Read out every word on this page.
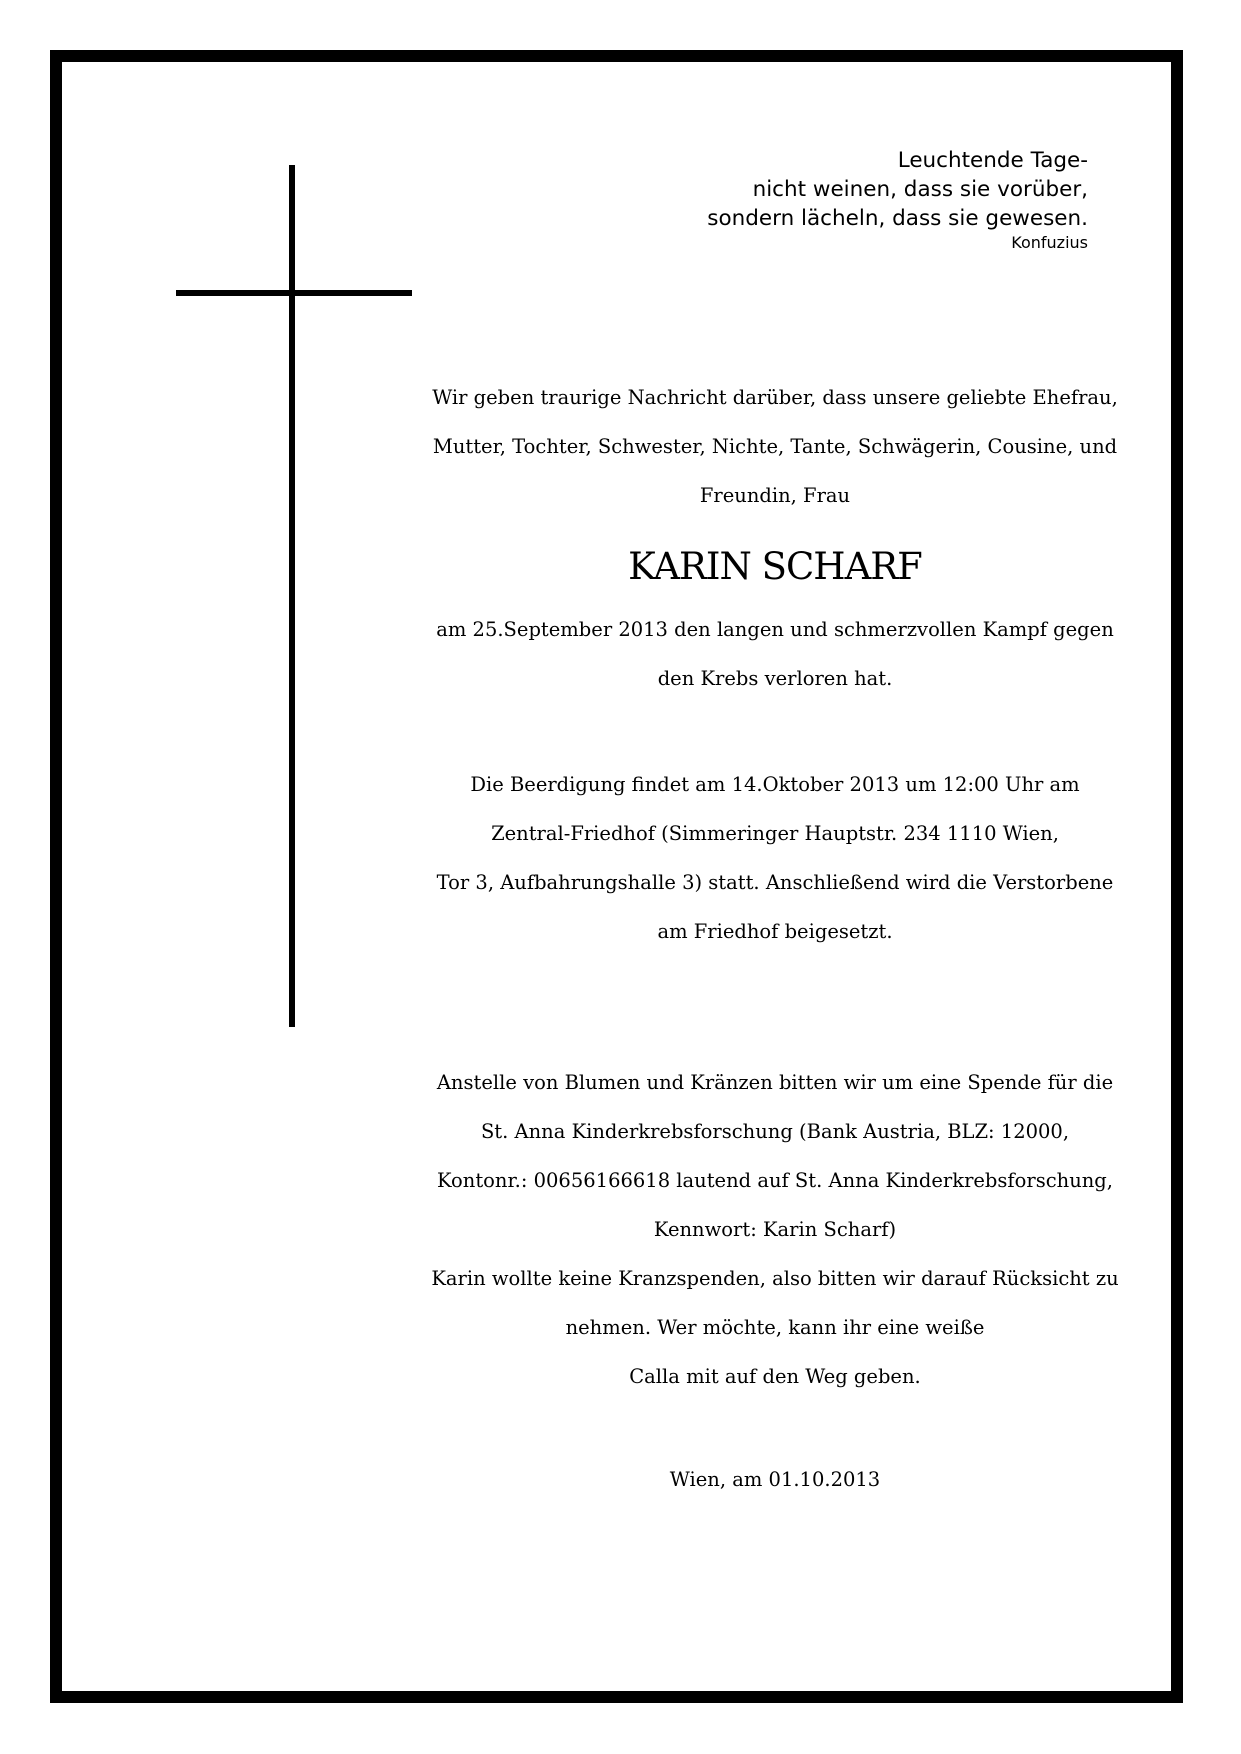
Leuchtende Tage-
nicht weinen, dass sie vorüber,
sondern lächeln, dass sie gewesen.
Konfuzius
Wir geben traurige Nachricht darüber, dass unsere geliebte Ehefrau,
Mutter, Tochter, Schwester, Nichte, Tante, Schwägerin, Cousine, und
Freundin, Frau
KARIN SCHARF
am 25.September 2013 den langen und schmerzvollen Kampf gegen
den Krebs verloren hat.
Die Beerdigung findet am 14.Oktober 2013 um 12:00 Uhr am
Zentral-Friedhof (Simmeringer Hauptstr. 234 1110 Wien,
Tor 3, Aufbahrungshalle 3) statt. Anschließend wird die Verstorbene
am Friedhof beigesetzt.
Anstelle von Blumen und Kränzen bitten wir um eine Spende für die
St. Anna Kinderkrebsforschung (Bank Austria, BLZ: 12000,
Kontonr.: 00656166618 lautend auf St. Anna Kinderkrebsforschung,
Kennwort: Karin Scharf)
Karin wollte keine Kranzspenden, also bitten wir darauf Rücksicht zu
nehmen. Wer möchte, kann ihr eine weiße
Calla mit auf den Weg geben.
Wien, am 01.10.2013
